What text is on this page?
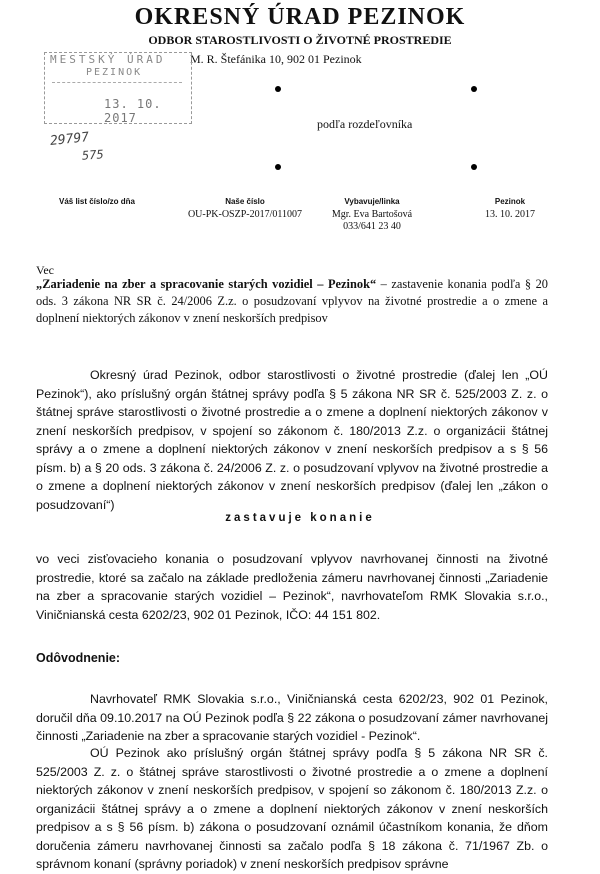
OKRESNÝ ÚRAD PEZINOK
ODBOR STAROSTLIVOSTI O ŽIVOTNÉ PROSTREDIE
M. R. Štefánika 10, 902 01 Pezinok
MESTSKÝ ÚRAD
PEZINOK
13. 10. 2017
29797
575
podľa rozdeľovníka
Váš list číslo/zo dňa	Naše číslo
OU-PK-OSZP-2017/011007
Vybavuje/linka
Mgr. Eva Bartošová
033/641 23 40
Pezinok
13. 10. 2017
Vec
„Zariadenie na zber a spracovanie starých vozidiel – Pezinok“ – zastavenie konania podľa § 20 ods. 3 zákona NR SR č. 24/2006 Z.z. o posudzovaní vplyvov na životné prostredie a o zmene a doplnení niektorých zákonov v znení neskorších predpisov
Okresný úrad Pezinok, odbor starostlivosti o životné prostredie (ďalej len „OÚ Pezinok“), ako príslušný orgán štátnej správy podľa § 5 zákona NR SR č. 525/2003 Z. z. o štátnej správe starostlivosti o životné prostredie a o zmene a doplnení niektorých zákonov v znení neskorších predpisov, v spojení so zákonom č. 180/2013 Z.z. o organizácii štátnej správy a o zmene a doplnení niektorých zákonov v znení neskorších predpisov a s § 56 písm. b) a § 20 ods. 3 zákona č. 24/2006 Z. z. o posudzovaní vplyvov na životné prostredie a o zmene a doplnení niektorých zákonov v znení neskorších predpisov (ďalej len „zákon o posudzovaní“)
zastavuje konanie
vo veci zisťovacieho konania o posudzovaní vplyvov navrhovanej činnosti na životné prostredie, ktoré sa začalo na základe predloženia zámeru navrhovanej činnosti „Zariadenie na zber a spracovanie starých vozidiel – Pezinok“, navrhovateľom RMK Slovakia s.r.o., Viničnianská cesta 6202/23, 902 01 Pezinok, IČO: 44 151 802.
Odôvodnenie:
Navrhovateľ RMK Slovakia s.r.o., Viničnianská cesta 6202/23, 902 01 Pezinok, doručil dňa 09.10.2017 na OÚ Pezinok podľa § 22 zákona o posudzovaní zámer navrhovanej činnosti „Zariadenie na zber a spracovanie starých vozidiel - Pezinok“.
OÚ Pezinok ako príslušný orgán štátnej správy podľa § 5 zákona NR SR č. 525/2003 Z. z. o štátnej správe starostlivosti o životné prostredie a o zmene a doplnení niektorých zákonov v znení neskorších predpisov, v spojení so zákonom č. 180/2013 Z.z. o organizácii štátnej správy a o zmene a doplnení niektorých zákonov v znení neskorších predpisov a s § 56 písm. b) zákona o posudzovaní oznámil účastníkom konania, že dňom doručenia zámeru navrhovanej činnosti sa začalo podľa § 18 zákona č. 71/1967 Zb. o správnom konaní (správny poriadok) v znení neskorších predpisov správne
